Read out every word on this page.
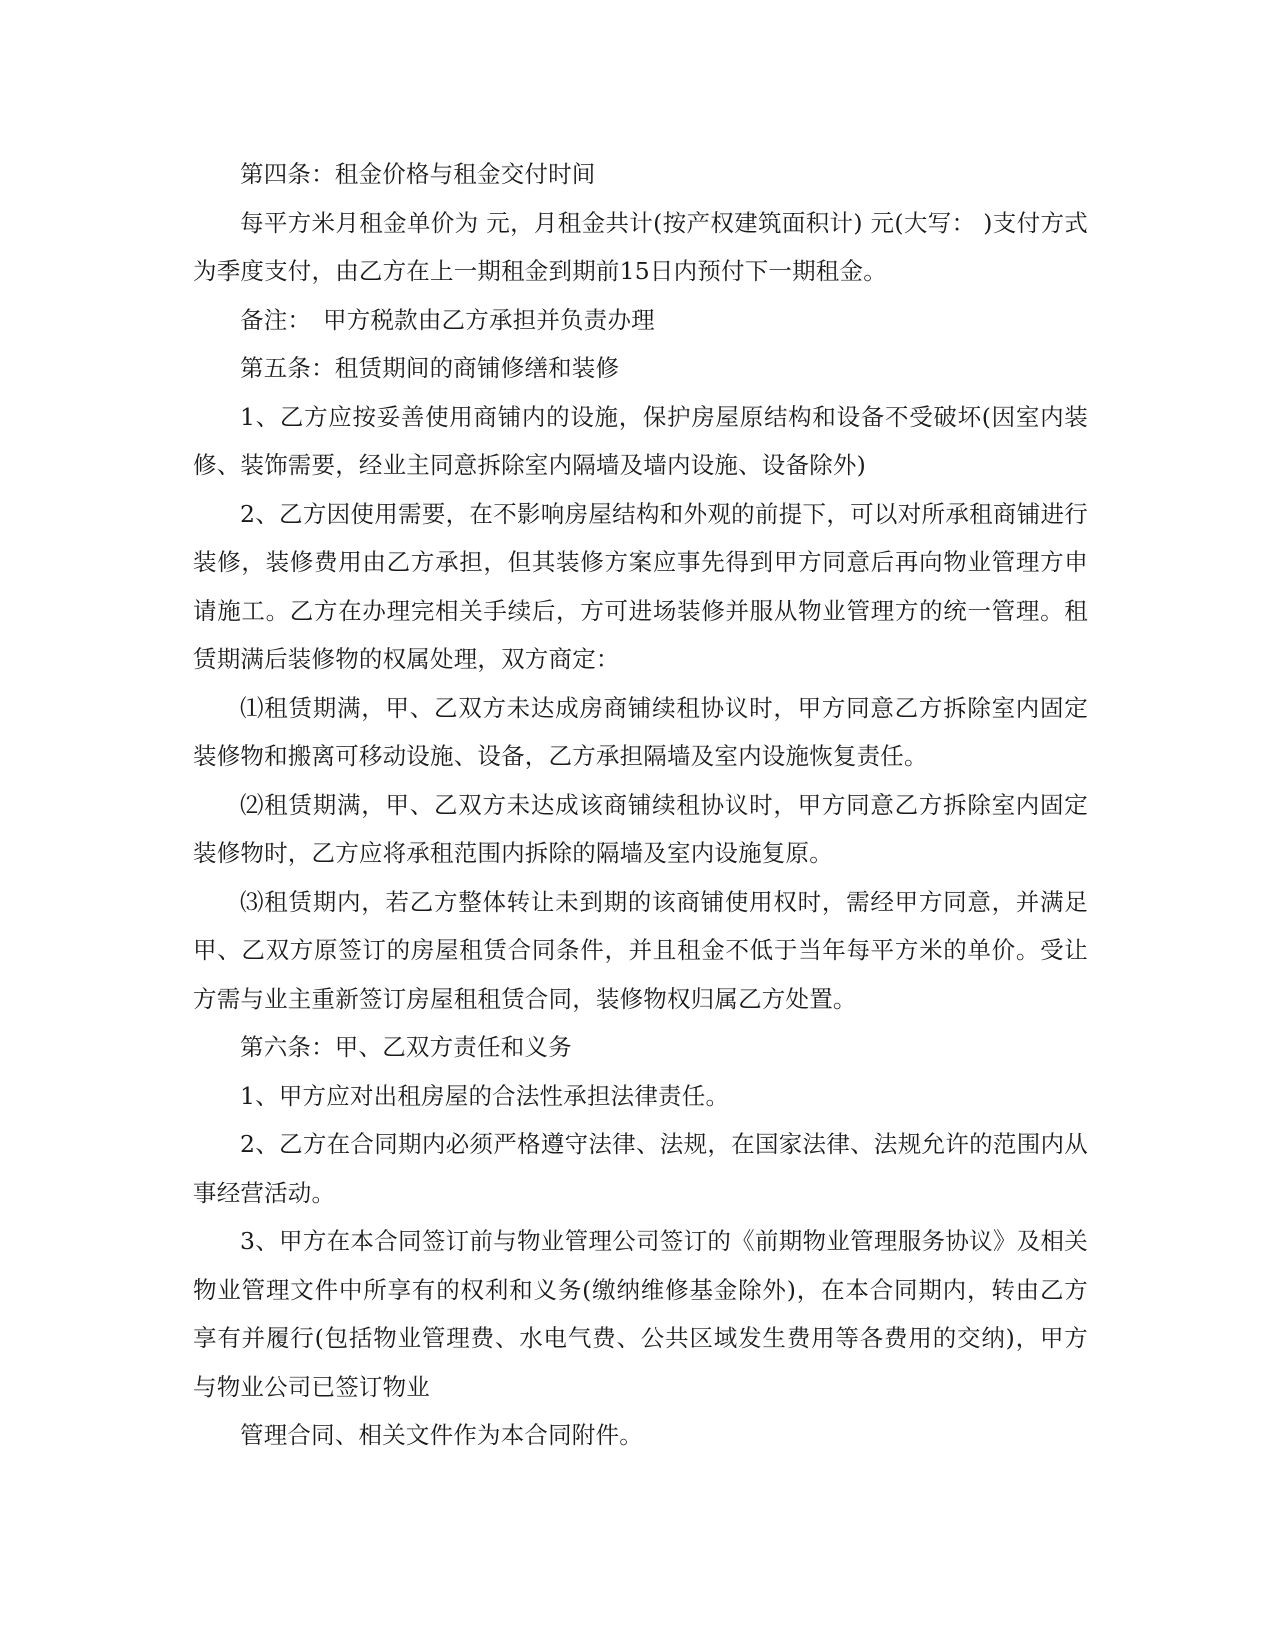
第四条：租金价格与租金交付时间

每平方米月租金单价为 元，月租金共计(按产权建筑面积计) 元(大写： )支付方式为季度支付，由乙方在上一期租金到期前15日内预付下一期租金。

备注：　甲方税款由乙方承担并负责办理

第五条：租赁期间的商铺修缮和装修

1、乙方应按妥善使用商铺内的设施，保护房屋原结构和设备不受破坏(因室内装修、装饰需要，经业主同意拆除室内隔墙及墙内设施、设备除外)

2、乙方因使用需要，在不影响房屋结构和外观的前提下，可以对所承租商铺进行装修，装修费用由乙方承担，但其装修方案应事先得到甲方同意后再向物业管理方申请施工。乙方在办理完相关手续后，方可进场装修并服从物业管理方的统一管理。租赁期满后装修物的权属处理，双方商定：

⑴租赁期满，甲、乙双方未达成房商铺续租协议时，甲方同意乙方拆除室内固定装修物和搬离可移动设施、设备，乙方承担隔墙及室内设施恢复责任。

⑵租赁期满，甲、乙双方未达成该商铺续租协议时，甲方同意乙方拆除室内固定装修物时，乙方应将承租范围内拆除的隔墙及室内设施复原。

⑶租赁期内，若乙方整体转让未到期的该商铺使用权时，需经甲方同意，并满足甲、乙双方原签订的房屋租赁合同条件，并且租金不低于当年每平方米的单价。受让方需与业主重新签订房屋租租赁合同，装修物权归属乙方处置。

第六条：甲、乙双方责任和义务

1、甲方应对出租房屋的合法性承担法律责任。

2、乙方在合同期内必须严格遵守法律、法规，在国家法律、法规允许的范围内从事经营活动。

3、甲方在本合同签订前与物业管理公司签订的《前期物业管理服务协议》及相关物业管理文件中所享有的权利和义务(缴纳维修基金除外)，在本合同期内，转由乙方享有并履行(包括物业管理费、水电气费、公共区域发生费用等各费用的交纳)，甲方与物业公司已签订物业

管理合同、相关文件作为本合同附件。
